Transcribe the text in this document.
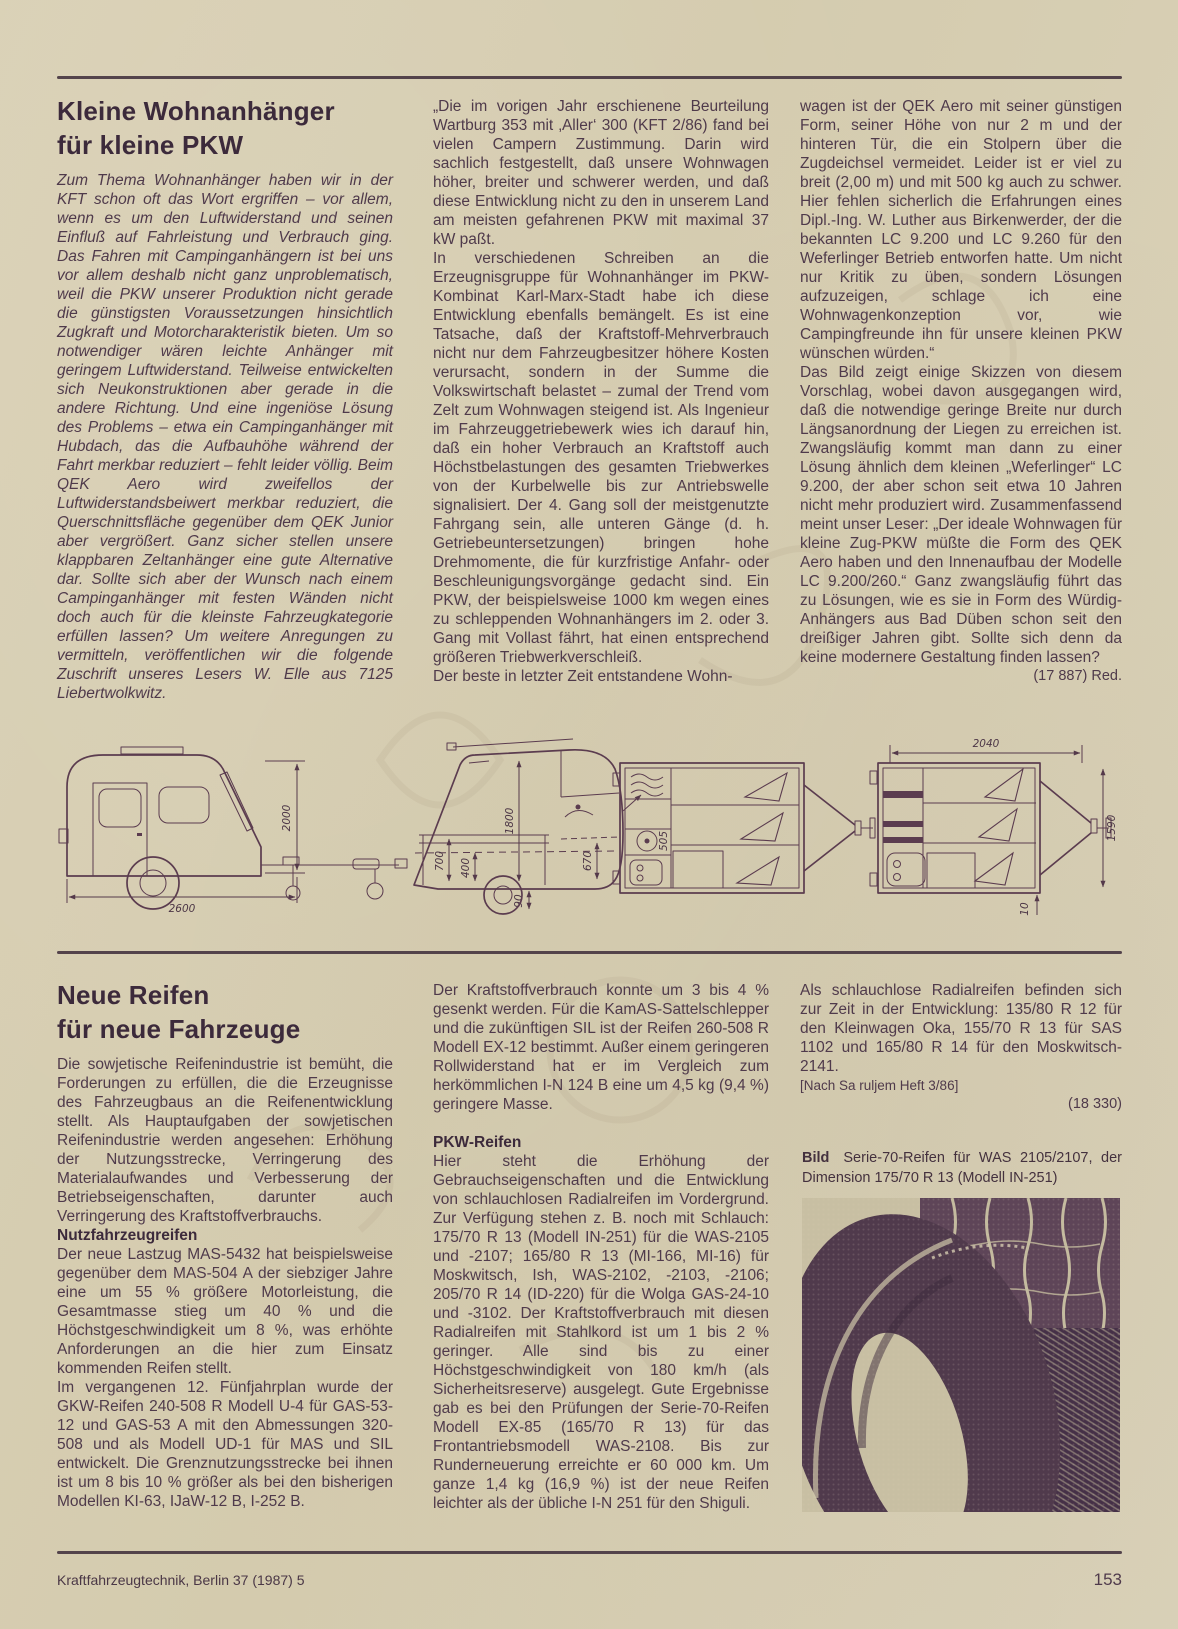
Kleine Wohnanhänger
für kleine PKW

Zum Thema Wohnanhänger haben wir in der KFT schon oft das Wort ergriffen – vor allem, wenn es um den Luftwiderstand und seinen Einfluß auf Fahrleistung und Verbrauch ging. Das Fahren mit Campinganhängern ist bei uns vor allem deshalb nicht ganz unproblematisch, weil die PKW unserer Produktion nicht gerade die günstigsten Voraussetzungen hinsichtlich Zugkraft und Motorcharakteristik bieten. Um so notwendiger wären leichte Anhänger mit geringem Luftwiderstand. Teilweise entwickelten sich Neukonstruktionen aber gerade in die andere Richtung. Und eine ingeniöse Lösung des Problems – etwa ein Campinganhänger mit Hubdach, das die Aufbauhöhe während der Fahrt merkbar reduziert – fehlt leider völlig. Beim QEK Aero wird zweifellos der Luftwiderstandsbeiwert merkbar reduziert, die Querschnittsfläche gegenüber dem QEK Junior aber vergrößert. Ganz sicher stellen unsere klappbaren Zeltanhänger eine gute Alternative dar. Sollte sich aber der Wunsch nach einem Campinganhänger mit festen Wänden nicht doch auch für die kleinste Fahrzeugkategorie erfüllen lassen? Um weitere Anregungen zu vermitteln, veröffentlichen wir die folgende Zuschrift unseres Lesers W. Elle aus 7125 Liebertwolkwitz.

„Die im vorigen Jahr erschienene Beurteilung Wartburg 353 mit ‚Aller‘ 300 (KFT 2/86) fand bei vielen Campern Zustimmung. Darin wird sachlich festgestellt, daß unsere Wohnwagen höher, breiter und schwerer werden, und daß diese Entwicklung nicht zu den in unserem Land am meisten gefahrenen PKW mit maximal 37 kW paßt.

In verschiedenen Schreiben an die Erzeugnisgruppe für Wohnanhänger im PKW-Kombinat Karl-Marx-Stadt habe ich diese Entwicklung ebenfalls bemängelt. Es ist eine Tatsache, daß der Kraftstoff-Mehrverbrauch nicht nur dem Fahrzeugbesitzer höhere Kosten verursacht, sondern in der Summe die Volkswirtschaft belastet – zumal der Trend vom Zelt zum Wohnwagen steigend ist. Als Ingenieur im Fahrzeuggetriebewerk wies ich darauf hin, daß ein hoher Verbrauch an Kraftstoff auch Höchstbelastungen des gesamten Triebwerkes von der Kurbelwelle bis zur Antriebswelle signalisiert. Der 4. Gang soll der meistgenutzte Fahrgang sein, alle unteren Gänge (d. h. Getriebeuntersetzungen) bringen hohe Drehmomente, die für kurzfristige Anfahr- oder Beschleunigungsvorgänge gedacht sind. Ein PKW, der beispielsweise 1000 km wegen eines zu schleppenden Wohnanhängers im 2. oder 3. Gang mit Vollast fährt, hat einen entsprechend größeren Triebwerkverschleiß.

Der beste in letzter Zeit entstandene Wohn-

wagen ist der QEK Aero mit seiner günstigen Form, seiner Höhe von nur 2 m und der hinteren Tür, die ein Stolpern über die Zugdeichsel vermeidet. Leider ist er viel zu breit (2,00 m) und mit 500 kg auch zu schwer. Hier fehlen sicherlich die Erfahrungen eines Dipl.-Ing. W. Luther aus Birkenwerder, der die bekannten LC 9.200 und LC 9.260 für den Weferlinger Betrieb entworfen hatte. Um nicht nur Kritik zu üben, sondern Lösungen aufzuzeigen, schlage ich eine Wohnwagenkonzeption vor, wie Campingfreunde ihn für unsere kleinen PKW wünschen würden.“

Das Bild zeigt einige Skizzen von diesem Vorschlag, wobei davon ausgegangen wird, daß die notwendige geringe Breite nur durch Längsanordnung der Liegen zu erreichen ist. Zwangsläufig kommt man dann zu einer Lösung ähnlich dem kleinen „Weferlinger“ LC 9.200, der aber schon seit etwa 10 Jahren nicht mehr produziert wird. Zusammenfassend meint unser Leser: „Der ideale Wohnwagen für kleine Zug-PKW müßte die Form des QEK Aero haben und den Innenaufbau der Modelle LC 9.200/260.“ Ganz zwangsläufig führt das zu Lösungen, wie es sie in Form des Würdig-Anhängers aus Bad Düben schon seit den dreißiger Jahren gibt. Sollte sich denn da keine modernere Gestaltung finden lassen?

(17 887) Red.

2000
2600
700 400
1800
670
90
505
2040
1590
10
Neue Reifen
für neue Fahrzeuge

Die sowjetische Reifenindustrie ist bemüht, die Forderungen zu erfüllen, die die Erzeugnisse des Fahrzeugbaus an die Reifenentwicklung stellt. Als Hauptaufgaben der sowjetischen Reifenindustrie werden angesehen: Erhöhung der Nutzungsstrecke, Verringerung des Materialaufwandes und Verbesserung der Betriebseigenschaften, darunter auch Verringerung des Kraftstoffverbrauchs.

Nutzfahrzeugreifen

Der neue Lastzug MAS-5432 hat beispielsweise gegenüber dem MAS-504 A der siebziger Jahre eine um 55 % größere Motorleistung, die Gesamtmasse stieg um 40 % und die Höchstgeschwindigkeit um 8 %, was erhöhte Anforderungen an die hier zum Einsatz kommenden Reifen stellt.

Im vergangenen 12. Fünfjahrplan wurde der GKW-Reifen 240-508 R Modell U-4 für GAS-53-12 und GAS-53 A mit den Abmessungen 320-508 und als Modell UD-1 für MAS und SIL entwickelt. Die Grenznutzungsstrecke bei ihnen ist um 8 bis 10 % größer als bei den bisherigen Modellen KI-63, IJaW-12 B, I-252 B.

Der Kraftstoffverbrauch konnte um 3 bis 4 % gesenkt werden. Für die KamAS-Sattelschlepper und die zukünftigen SIL ist der Reifen 260-508 R Modell EX-12 bestimmt. Außer einem geringeren Rollwiderstand hat er im Vergleich zum herkömmlichen I-N 124 B eine um 4,5 kg (9,4 %) geringere Masse.

PKW-Reifen

Hier steht die Erhöhung der Gebrauchseigenschaften und die Entwicklung von schlauchlosen Radialreifen im Vordergrund. Zur Verfügung stehen z. B. noch mit Schlauch: 175/70 R 13 (Modell IN-251) für die WAS-2105 und -2107; 165/80 R 13 (MI-166, MI-16) für Moskwitsch, Ish, WAS-2102, -2103, -2106; 205/70 R 14 (ID-220) für die Wolga GAS-24-10 und -3102. Der Kraftstoffverbrauch mit diesen Radialreifen mit Stahlkord ist um 1 bis 2 % geringer. Alle sind bis zu einer Höchstgeschwindigkeit von 180 km/h (als Sicherheitsreserve) ausgelegt. Gute Ergebnisse gab es bei den Prüfungen der Serie-70-Reifen Modell EX-85 (165/70 R 13) für das Frontantriebsmodell WAS-2108. Bis zur Runderneuerung erreichte er 60 000 km. Um ganze 1,4 kg (16,9 %) ist der neue Reifen leichter als der übliche I-N 251 für den Shiguli.

Als schlauchlose Radialreifen befinden sich zur Zeit in der Entwicklung: 135/80 R 12 für den Kleinwagen Oka, 155/70 R 13 für SAS 1102 und 165/80 R 14 für den Moskwitsch-2141.

[Nach Sa ruljem Heft 3/86]

(18 330)

Bild Serie-70-Reifen für WAS 2105/2107, der Dimension 175/70 R 13 (Modell IN-251)
Kraftfahrzeugtechnik, Berlin 37 (1987) 5	153
